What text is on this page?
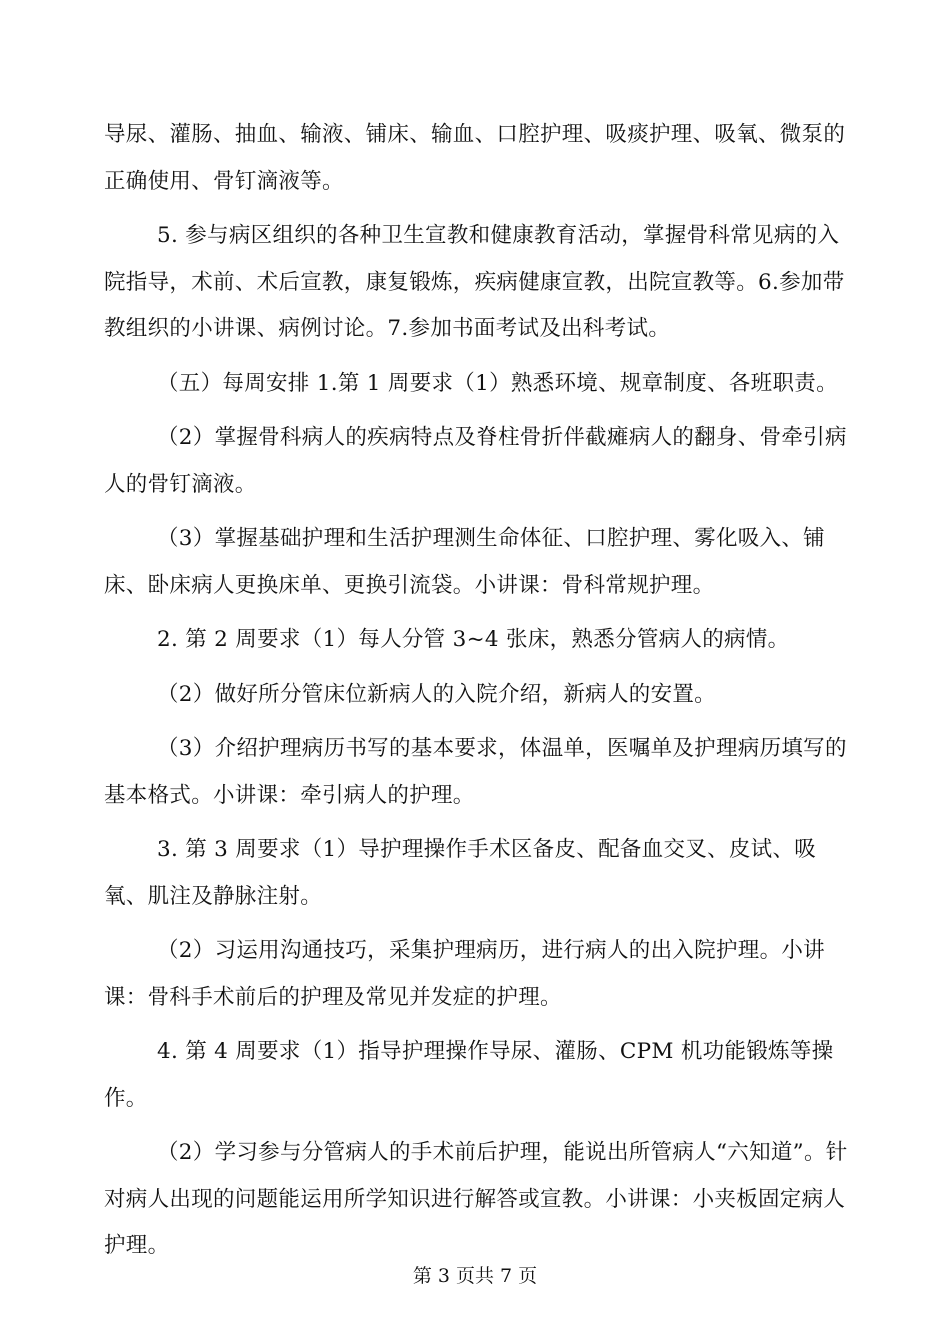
导尿、灌肠、抽血、输液、铺床、输血、口腔护理、吸痰护理、吸氧、微泵的正确使用、骨钉滴液等。

5. 参与病区组织的各种卫生宣教和健康教育活动，掌握骨科常见病的入院指导，术前、术后宣教，康复锻炼，疾病健康宣教，出院宣教等。6.参加带教组织的小讲课、病例讨论。7.参加书面考试及出科考试。

（五）每周安排 1.第 1 周要求（1）熟悉环境、规章制度、各班职责。

（2）掌握骨科病人的疾病特点及脊柱骨折伴截瘫病人的翻身、骨牵引病人的骨钉滴液。

（3）掌握基础护理和生活护理测生命体征、口腔护理、雾化吸入、铺床、卧床病人更换床单、更换引流袋。小讲课：骨科常规护理。

2. 第 2 周要求（1）每人分管 3~4 张床，熟悉分管病人的病情。

（2）做好所分管床位新病人的入院介绍，新病人的安置。

（3）介绍护理病历书写的基本要求，体温单，医嘱单及护理病历填写的基本格式。小讲课：牵引病人的护理。

3. 第 3 周要求（1）导护理操作手术区备皮、配备血交叉、皮试、吸氧、肌注及静脉注射。

（2）习运用沟通技巧，采集护理病历，进行病人的出入院护理。小讲课：骨科手术前后的护理及常见并发症的护理。

4. 第 4 周要求（1）指导护理操作导尿、灌肠、CPM 机功能锻炼等操作。

（2）学习参与分管病人的手术前后护理，能说出所管病人“六知道”。针对病人出现的问题能运用所学知识进行解答或宣教。小讲课：小夹板固定病人护理。

第 3 页共 7 页
